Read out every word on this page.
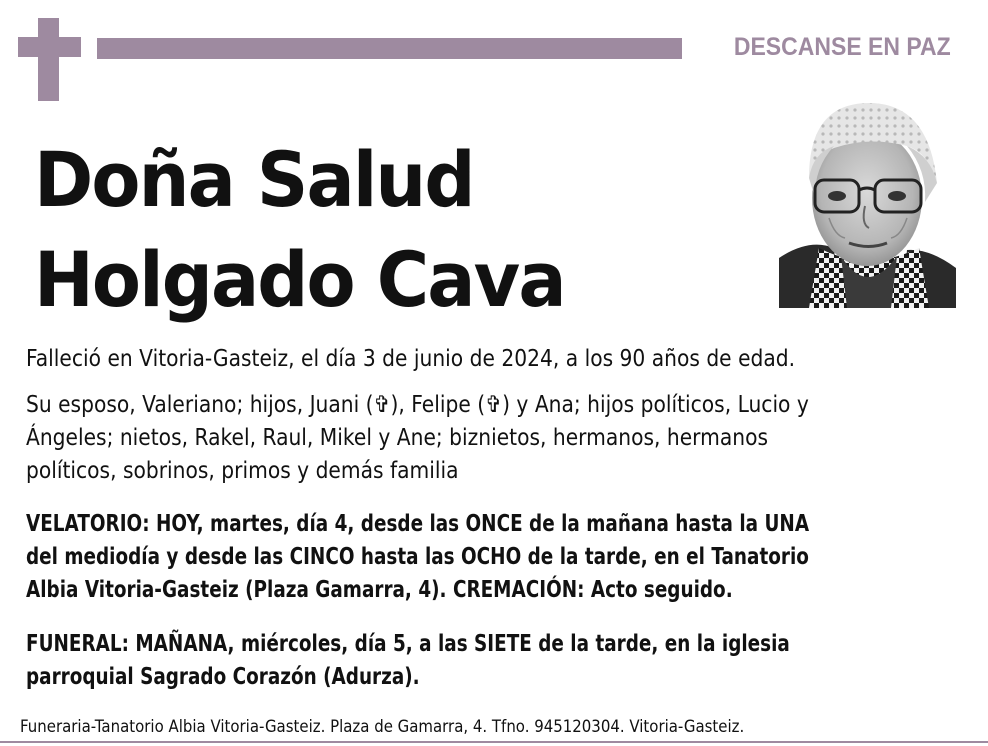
DESCANSE EN PAZ
Doña Salud
Holgado Cava
Falleció en Vitoria-Gasteiz, el día 3 de junio de 2024, a los 90 años de edad.
Su esposo, Valeriano; hijos, Juani (✞), Felipe (✞) y Ana; hijos políticos, Lucio y
Ángeles; nietos, Rakel, Raul, Mikel y Ane; biznietos, hermanos, hermanos
políticos, sobrinos, primos y demás familia
VELATORIO: HOY, martes, día 4, desde las ONCE de la mañana hasta la UNA
del mediodía y desde las CINCO hasta las OCHO de la tarde, en el Tanatorio
Albia Vitoria-Gasteiz (Plaza Gamarra, 4). CREMACIÓN: Acto seguido.
FUNERAL: MAÑANA, miércoles, día 5, a las SIETE de la tarde, en la iglesia
parroquial Sagrado Corazón (Adurza).
Funeraria-Tanatorio Albia Vitoria-Gasteiz. Plaza de Gamarra, 4. Tfno. 945120304. Vitoria-Gasteiz.
